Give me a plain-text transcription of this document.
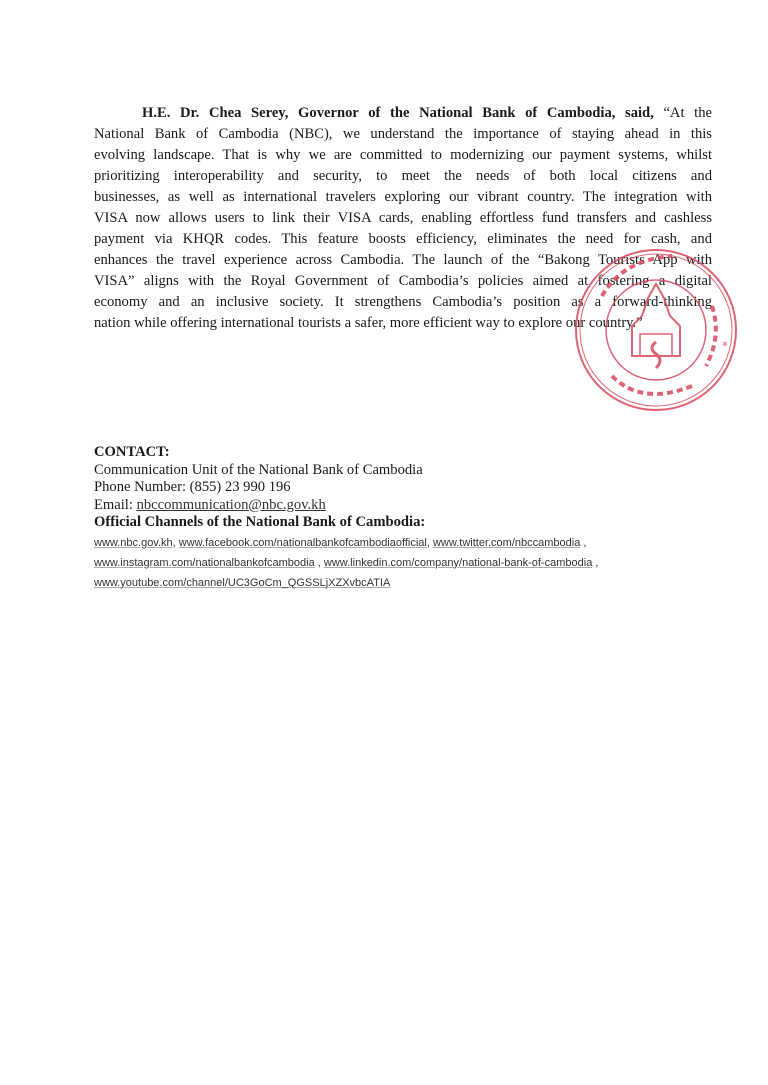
H.E. Dr. Chea Serey, Governor of the National Bank of Cambodia, said, “At the
National Bank of Cambodia (NBC), we understand the importance of staying ahead in this
evolving landscape. That is why we are committed to modernizing our payment systems, whilst
prioritizing interoperability and security, to meet the needs of both local citizens and
businesses, as well as international travelers exploring our vibrant country. The integration with
VISA now allows users to link their VISA cards, enabling effortless fund transfers and cashless
payment via KHQR codes. This feature boosts efficiency, eliminates the need for cash, and
enhances the travel experience across Cambodia. The launch of the “Bakong Tourists App with
VISA” aligns with the Royal Government of Cambodia’s policies aimed at fostering a digital
economy and an inclusive society. It strengthens Cambodia’s position as a forward-thinking
nation while offering international tourists a safer, more efficient way to explore our country.”
*
CONTACT:
Communication Unit of the National Bank of Cambodia
Phone Number: (855) 23 990 196
Email: nbccommunication@nbc.gov.kh
Official Channels of the National Bank of Cambodia:
www.nbc.gov.kh, www.facebook.com/nationalbankofcambodiaofficial, www.twitter.com/nbccambodia ,
www.instagram.com/nationalbankofcambodia , www.linkedin.com/company/national-bank-of-cambodia ,
www.youtube.com/channel/UC3GoCm_QGSSLjXZXvbcATIA
